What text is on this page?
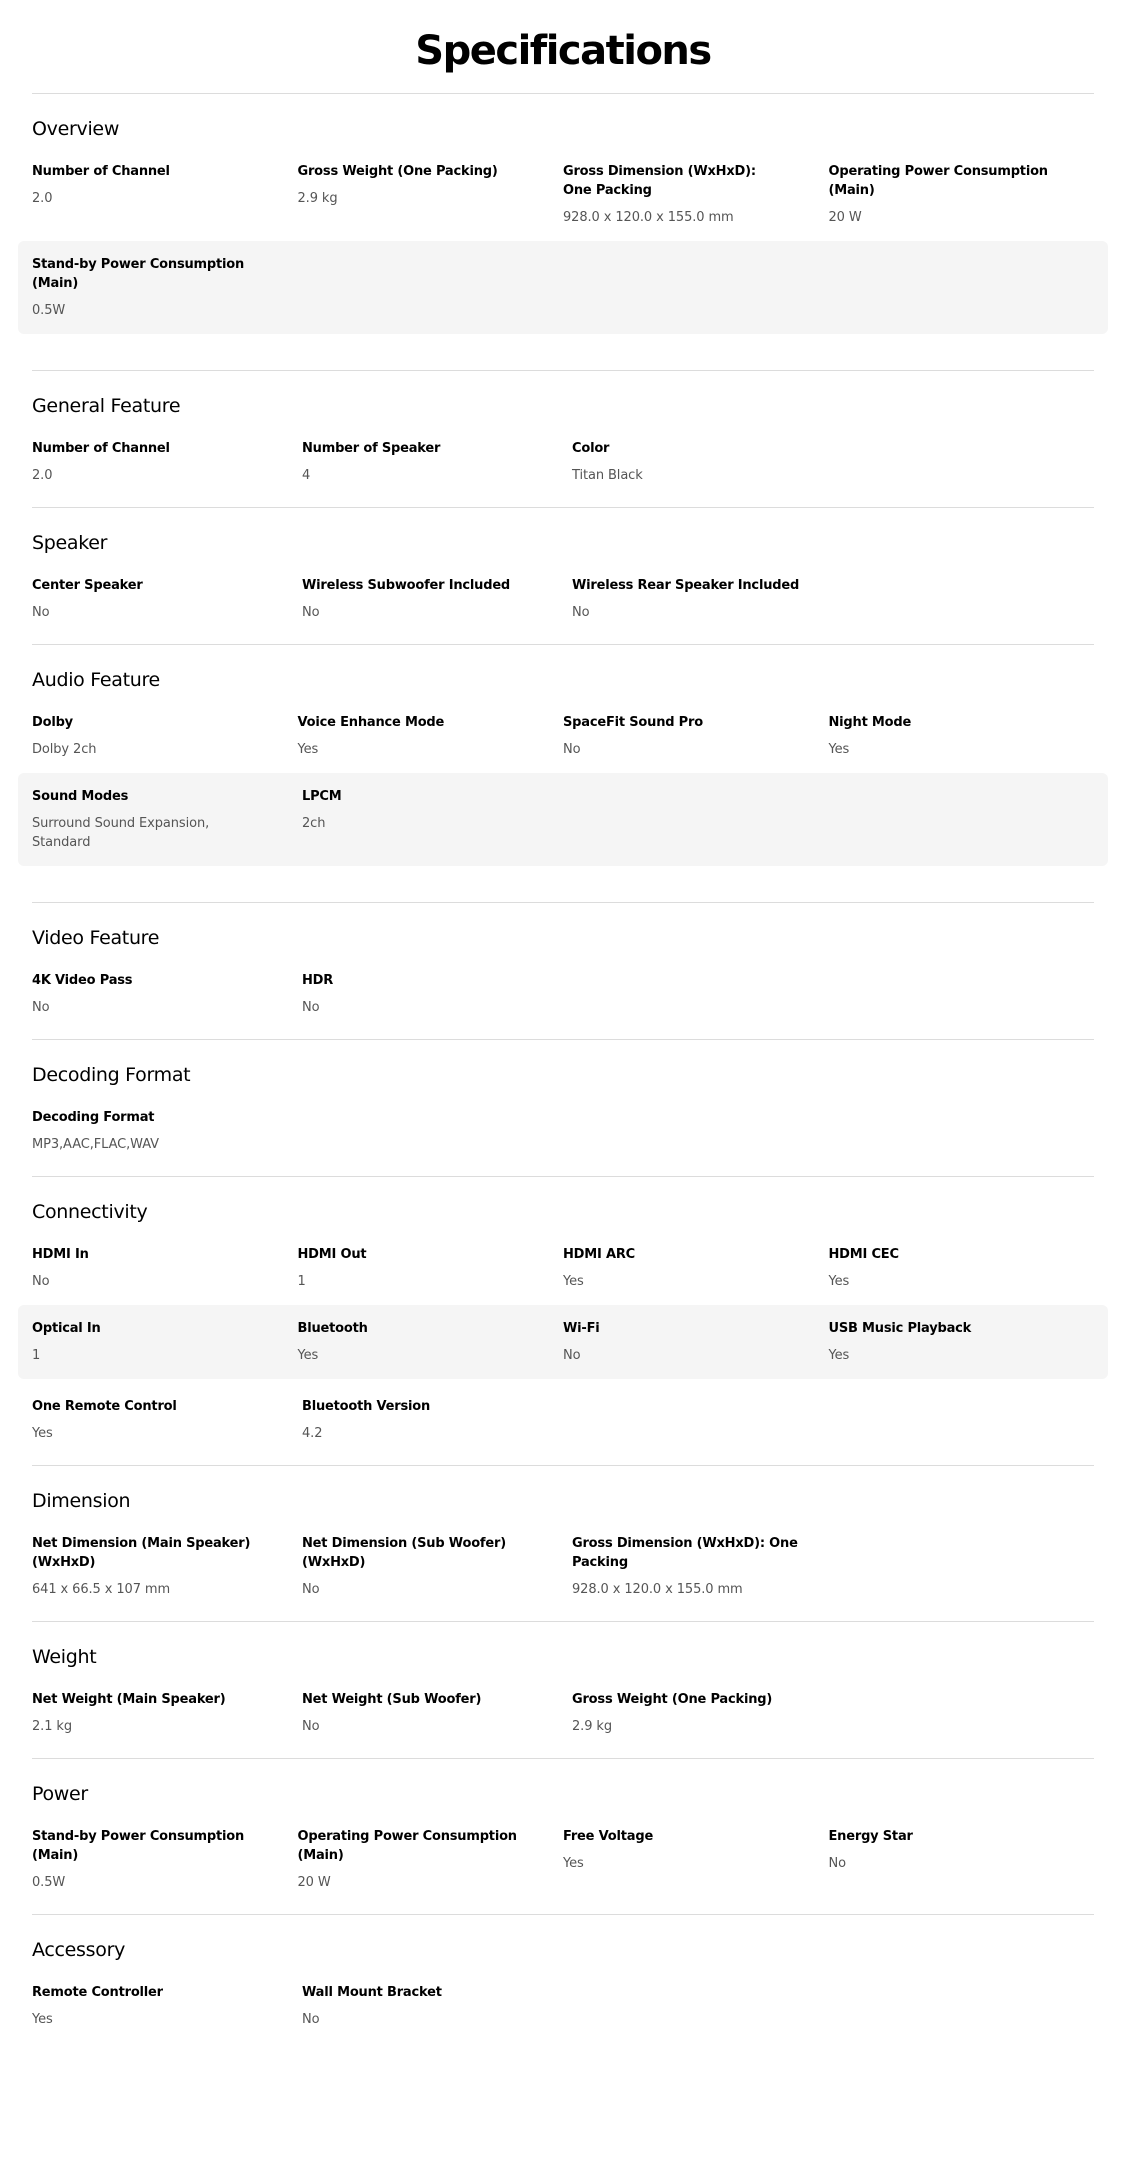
Specifications
Overview
Number of Channel
2.0
Gross Weight (One Packing)
2.9 kg
Gross Dimension (WxHxD): One Packing
928.0 x 120.0 x 155.0 mm
Operating Power Consumption (Main)
20 W
Stand-by Power Consumption (Main)
0.5W
General Feature
Number of Channel
2.0
Number of Speaker
4
Color
Titan Black
Speaker
Center Speaker
No
Wireless Subwoofer Included
No
Wireless Rear Speaker Included
No
Audio Feature
Dolby
Dolby 2ch
Voice Enhance Mode
Yes
SpaceFit Sound Pro
No
Night Mode
Yes
Sound Modes
Surround Sound Expansion, Standard
LPCM
2ch
Video Feature
4K Video Pass
No
HDR
No
Decoding Format
Decoding Format
MP3,AAC,FLAC,WAV
Connectivity
HDMI In
No
HDMI Out
1
HDMI ARC
Yes
HDMI CEC
Yes
Optical In
1
Bluetooth
Yes
Wi-Fi
No
USB Music Playback
Yes
One Remote Control
Yes
Bluetooth Version
4.2
Dimension
Net Dimension (Main Speaker) (WxHxD)
641 x 66.5 x 107 mm
Net Dimension (Sub Woofer) (WxHxD)
No
Gross Dimension (WxHxD): One Packing
928.0 x 120.0 x 155.0 mm
Weight
Net Weight (Main Speaker)
2.1 kg
Net Weight (Sub Woofer)
No
Gross Weight (One Packing)
2.9 kg
Power
Stand-by Power Consumption (Main)
0.5W
Operating Power Consumption (Main)
20 W
Free Voltage
Yes
Energy Star
No
Accessory
Remote Controller
Yes
Wall Mount Bracket
No
